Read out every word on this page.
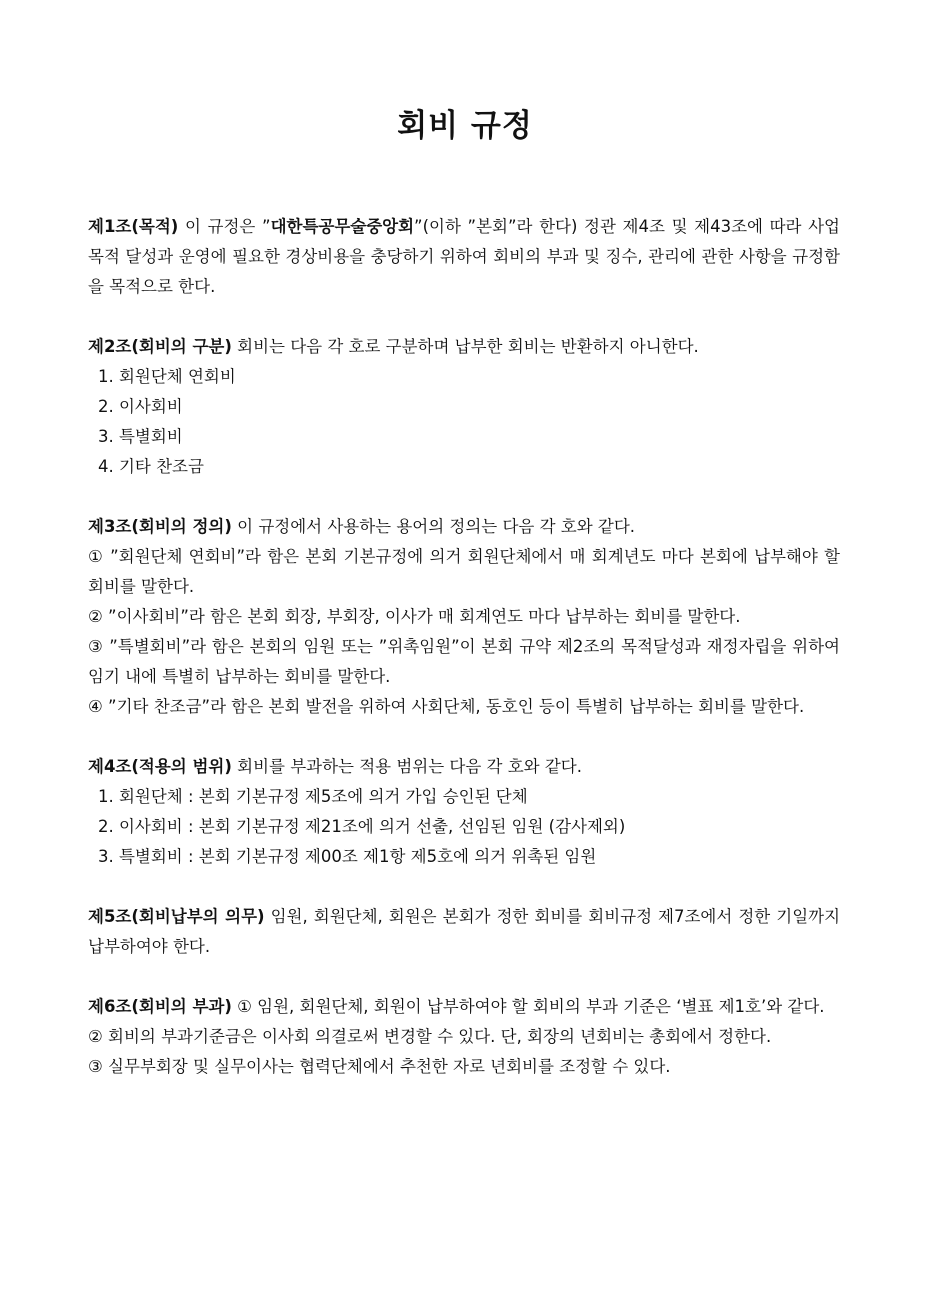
회비 규정

제1조(목적) 이 규정은 ”대한특공무술중앙회”(이하 ”본회”라 한다) 정관 제4조 및 제43조에 따라 사업목적 달성과 운영에 필요한 경상비용을 충당하기 위하여 회비의 부과 및 징수, 관리에 관한 사항을 규정함을 목적으로 한다.

제2조(회비의 구분) 회비는 다음 각 호로 구분하며 납부한 회비는 반환하지 아니한다.

1. 회원단체 연회비

2. 이사회비

3. 특별회비

4. 기타 찬조금

제3조(회비의 정의) 이 규정에서 사용하는 용어의 정의는 다음 각 호와 같다.

① ”회원단체 연회비”라 함은 본회 기본규정에 의거 회원단체에서 매 회계년도 마다 본회에 납부해야 할 회비를 말한다.

② ”이사회비”라 함은 본회 회장, 부회장, 이사가 매 회계연도 마다 납부하는 회비를 말한다.

③ ”특별회비”라 함은 본회의 임원 또는 ”위촉임원”이 본회 규약 제2조의 목적달성과 재정자립을 위하여 임기 내에 특별히 납부하는 회비를 말한다.

④ ”기타 찬조금”라 함은 본회 발전을 위하여 사회단체, 동호인 등이 특별히 납부하는 회비를 말한다.

제4조(적용의 범위) 회비를 부과하는 적용 범위는 다음 각 호와 같다.

1. 회원단체 : 본회 기본규정 제5조에 의거 가입 승인된 단체

2. 이사회비 : 본회 기본규정 제21조에 의거 선출, 선임된 임원 (감사제외)

3. 특별회비 : 본회 기본규정 제00조 제1항 제5호에 의거 위촉된 임원

제5조(회비납부의 의무) 임원, 회원단체, 회원은 본회가 정한 회비를 회비규정 제7조에서 정한 기일까지 납부하여야 한다.

제6조(회비의 부과) ① 임원, 회원단체, 회원이 납부하여야 할 회비의 부과 기준은 ‘별표 제1호’와 같다.

② 회비의 부과기준금은 이사회 의결로써 변경할 수 있다. 단, 회장의 년회비는 총회에서 정한다.

③ 실무부회장 및 실무이사는 협력단체에서 추천한 자로 년회비를 조정할 수 있다.
